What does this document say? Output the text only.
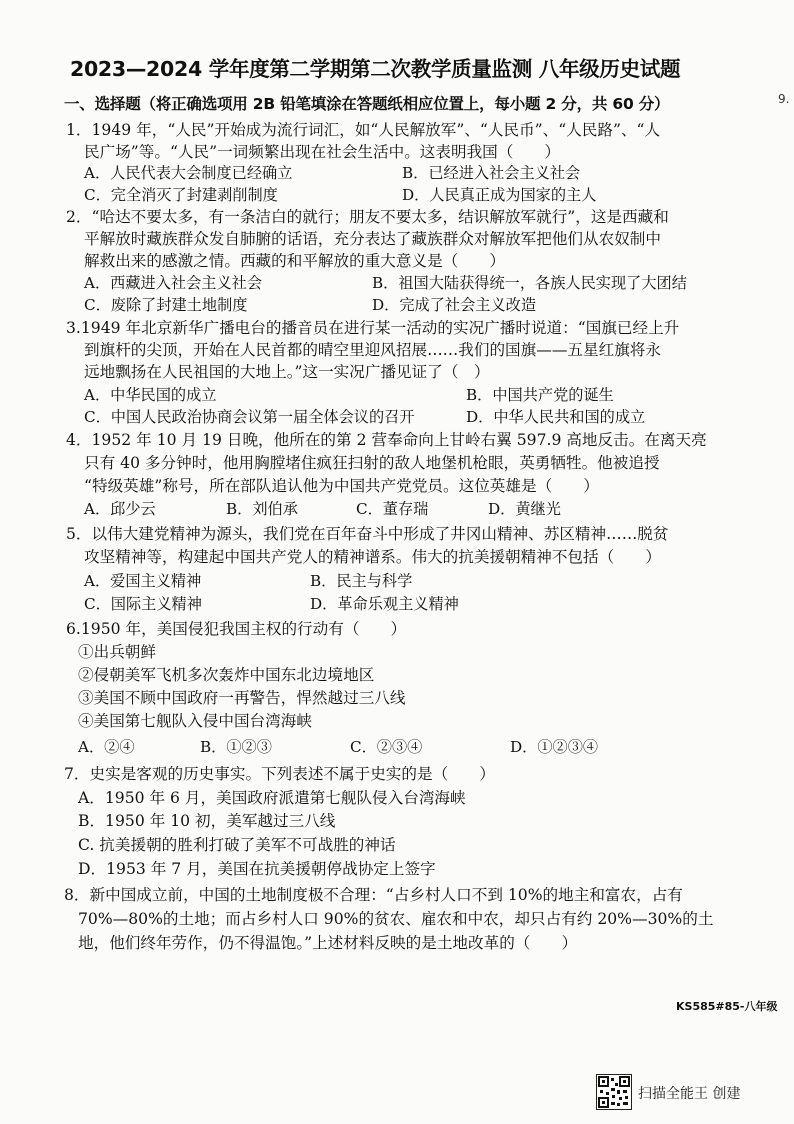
2023—2024 学年度第二学期第二次教学质量监测 八年级历史试题
一、选择题（将正确选项用 2B 铅笔填涂在答题纸相应位置上，每小题 2 分，共 60 分）	9.
1．1949 年，“人民”开始成为流行词汇，如“人民解放军”、“人民币”、“人民路”、“人
民广场”等。“人民”一词频繁出现在社会生活中。这表明我国（　　）
A．人民代表大会制度已经确立	B．已经进入社会主义社会
C．完全消灭了封建剥削制度	D．人民真正成为国家的主人
2．“哈达不要太多，有一条洁白的就行；朋友不要太多，结识解放军就行”，这是西藏和
平解放时藏族群众发自肺腑的话语，充分表达了藏族群众对解放军把他们从农奴制中
解救出来的感激之情。西藏的和平解放的重大意义是（　　）
A．西藏进入社会主义社会	B．祖国大陆获得统一，各族人民实现了大团结
C．废除了封建土地制度	D．完成了社会主义改造
3.1949 年北京新华广播电台的播音员在进行某一活动的实况广播时说道：“国旗已经上升
到旗杆的尖顶，开始在人民首都的晴空里迎风招展……我们的国旗——五星红旗将永
远地飘扬在人民祖国的大地上。”这一实况广播见证了（　）
A．中华民国的成立	B．中国共产党的诞生
C．中国人民政治协商会议第一届全体会议的召开	D．中华人民共和国的成立
4．1952 年 10 月 19 日晚，他所在的第 2 营奉命向上甘岭右翼 597.9 高地反击。在离天亮
只有 40 多分钟时，他用胸膛堵住疯狂扫射的敌人地堡机枪眼，英勇牺牲。他被追授
“特级英雄”称号，所在部队追认他为中国共产党党员。这位英雄是（　　）
A．邱少云	B．刘伯承	C．董存瑞	D．黄继光
5．以伟大建党精神为源头，我们党在百年奋斗中形成了井冈山精神、苏区精神……脱贫
攻坚精神等，构建起中国共产党人的精神谱系。伟大的抗美援朝精神不包括（　　）
A．爱国主义精神	B．民主与科学
C．国际主义精神	D．革命乐观主义精神
6.1950 年，美国侵犯我国主权的行动有（　　）
①出兵朝鲜
②侵朝美军飞机多次轰炸中国东北边境地区
③美国不顾中国政府一再警告，悍然越过三八线
④美国第七舰队入侵中国台湾海峡
A．②④	B．①②③	C．②③④	D．①②③④
7．史实是客观的历史事实。下列表述不属于史实的是（　　）
A．1950 年 6 月，美国政府派遣第七舰队侵入台湾海峡
B．1950 年 10 初，美军越过三八线
C. 抗美援朝的胜利打破了美军不可战胜的神话
D．1953 年 7 月，美国在抗美援朝停战协定上签字
8．新中国成立前，中国的土地制度极不合理：“占乡村人口不到 10%的地主和富农，占有
70%—80%的土地；而占乡村人口 90%的贫农、雇农和中农，却只占有约 20%—30%的土
地，他们终年劳作，仍不得温饱。”上述材料反映的是土地改革的（　　）
KS585#85-八年级
扫描全能王 创建
